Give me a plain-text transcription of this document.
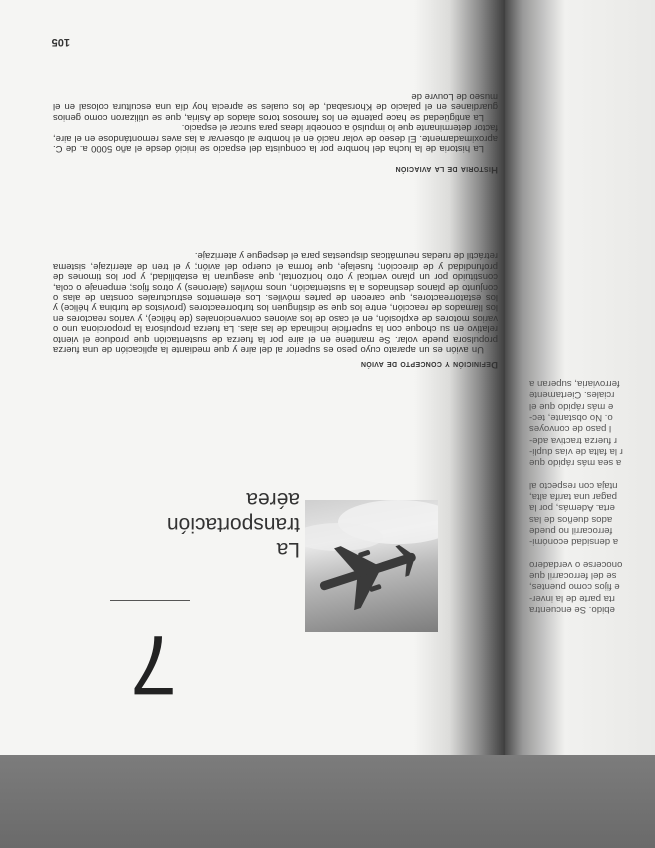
ebido. Se encuentra
rta parte de la inver-
e fijos como puentes,
se del ferrocarril que
onocerse o verdadero
a densidad económi-
ferrocarril no puede
ados dueños de las
erta. Además, por la
pagar una tarifa alta,
ntaja con respecto al
a sea más rápido que
r la falta de vías dupli-
r fuerza tractiva ade-
l paso de convoyes
o. No obstante, tec-
e más rápido que el
rciales. Ciertamente
ferroviaria, superan a
7
La transportación aérea
Definición y concepto de avión

Un avión es un aparato cuyo peso es superior al del aire y que mediante la aplicación de una fuerza propulsora puede volar. Se mantiene en el aire por la fuerza de sustentación que produce el viento relativo en su choque con la superficie inclinada de las alas. La fuerza propulsora la proporciona uno o varios motores de explosión, en el caso de los aviones convencionales (de hélice), y varios reactores en los llamados de reacción, entre los que se distinguen los turborreactores (provistos de turbina y hélice) y los estatorreactores, que carecen de partes móviles. Los elementos estructurales constan de alas o conjunto de planos destinados a la sustentación, unos móviles (alerones) y otros fijos; empenaje o cola, constituido por un plano vertical y otro horizontal, que aseguran la estabilidad, y por los timones de profundidad y de dirección; fuselaje, que forma el cuerpo del avión; y el tren de aterrizaje, sistema retráctil de ruedas neumáticas dispuestas para el despegue y aterrizaje.

Historia de la aviación

La historia de la lucha del hombre por la conquista del espacio se inició desde el año 5000 a. de C. aproximadamente. El deseo de volar nació en el hombre al observar a las aves remontándose en el aire, factor determinante que lo impulsó a concebir ideas para surcar el espacio.

La antigüedad se hace patente en los famosos toros alados de Asiria, que se utilizaron como genios guardianes en el palacio de Khorsabad, de los cuales se aprecia hoy día una escultura colosal en el museo de Louvre de

105
